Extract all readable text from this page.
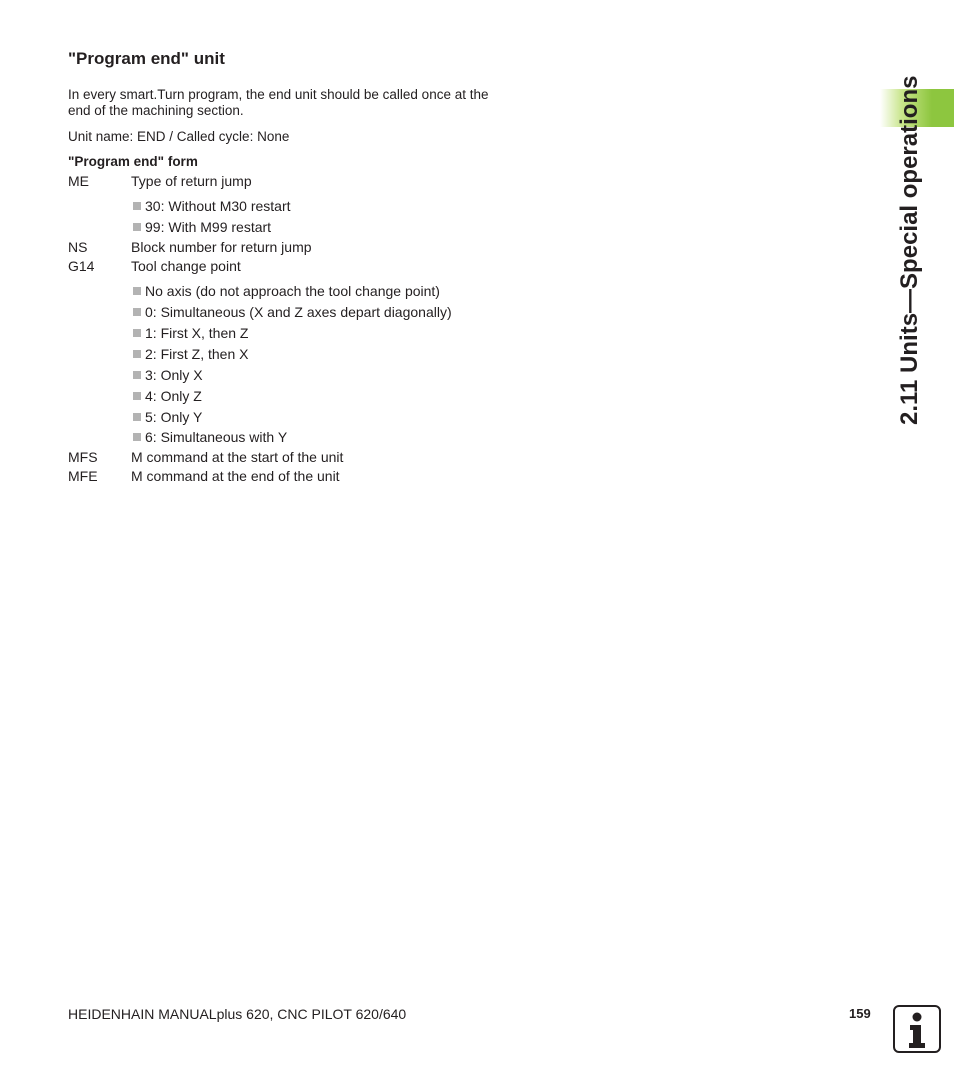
2.11 Units—Special operations
"Program end" unit
In every smart.Turn program, the end unit should be called once at the
end of the machining section.
Unit name: END / Called cycle: None
"Program end" form
ME	Type of return jump
30: Without M30 restart
99: With M99 restart
NS	Block number for return jump
G14	Tool change point
No axis (do not approach the tool change point)
0: Simultaneous (X and Z axes depart diagonally)
1: First X, then Z
2: First Z, then X
3: Only X
4: Only Z
5: Only Y
6: Simultaneous with Y
MFS M command at the start of the unit
MFE M command at the end of the unit
HEIDENHAIN MANUALplus 620, CNC PILOT 620/640	159
